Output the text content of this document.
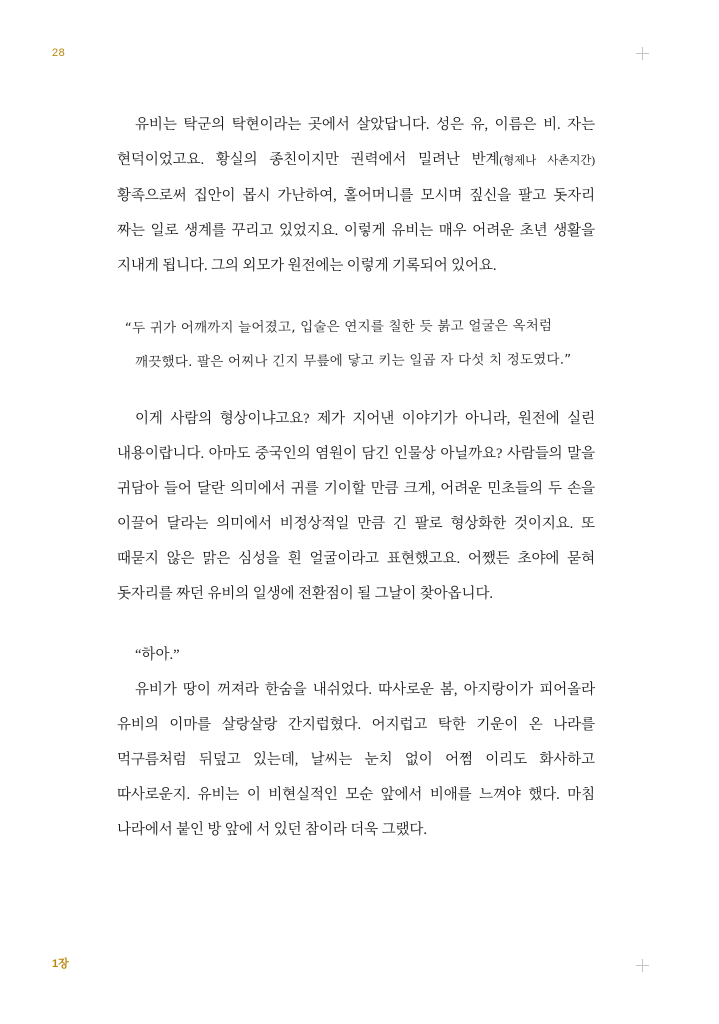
28

유비는 탁군의 탁현이라는 곳에서 살았답니다. 성은 유, 이름은 비. 자는 현덕이었고요. 황실의 종친이지만 권력에서 밀려난 반계(형제나 사촌지간) 황족으로써 집안이 몹시 가난하여, 홀어머니를 모시며 짚신을 팔고 돗자리 짜는 일로 생계를 꾸리고 있었지요. 이렇게 유비는 매우 어려운 초년 생활을 지내게 됩니다. 그의 외모가 원전에는 이렇게 기록되어 있어요.

“두 귀가 어깨까지 늘어졌고, 입술은 연지를 칠한 듯 붉고 얼굴은 옥처럼
깨끗했다. 팔은 어찌나 긴지 무릎에 닿고 키는 일곱 자 다섯 치 정도였다.”

이게 사람의 형상이냐고요? 제가 지어낸 이야기가 아니라, 원전에 실린 내용이랍니다. 아마도 중국인의 염원이 담긴 인물상 아닐까요? 사람들의 말을 귀담아 들어 달란 의미에서 귀를 기이할 만큼 크게, 어려운 민초들의 두 손을 이끌어 달라는 의미에서 비정상적일 만큼 긴 팔로 형상화한 것이지요. 또 때묻지 않은 맑은 심성을 흰 얼굴이라고 표현했고요. 어쨌든 초야에 묻혀 돗자리를 짜던 유비의 일생에 전환점이 될 그날이 찾아옵니다.

“하아.”

유비가 땅이 꺼져라 한숨을 내쉬었다. 따사로운 봄, 아지랑이가 피어올라 유비의 이마를 살랑살랑 간지럽혔다. 어지럽고 탁한 기운이 온 나라를 먹구름처럼 뒤덮고 있는데, 날씨는 눈치 없이 어쩜 이리도 화사하고 따사로운지. 유비는 이 비현실적인 모순 앞에서 비애를 느껴야 했다. 마침 나라에서 붙인 방 앞에 서 있던 참이라 더욱 그랬다.

1장
